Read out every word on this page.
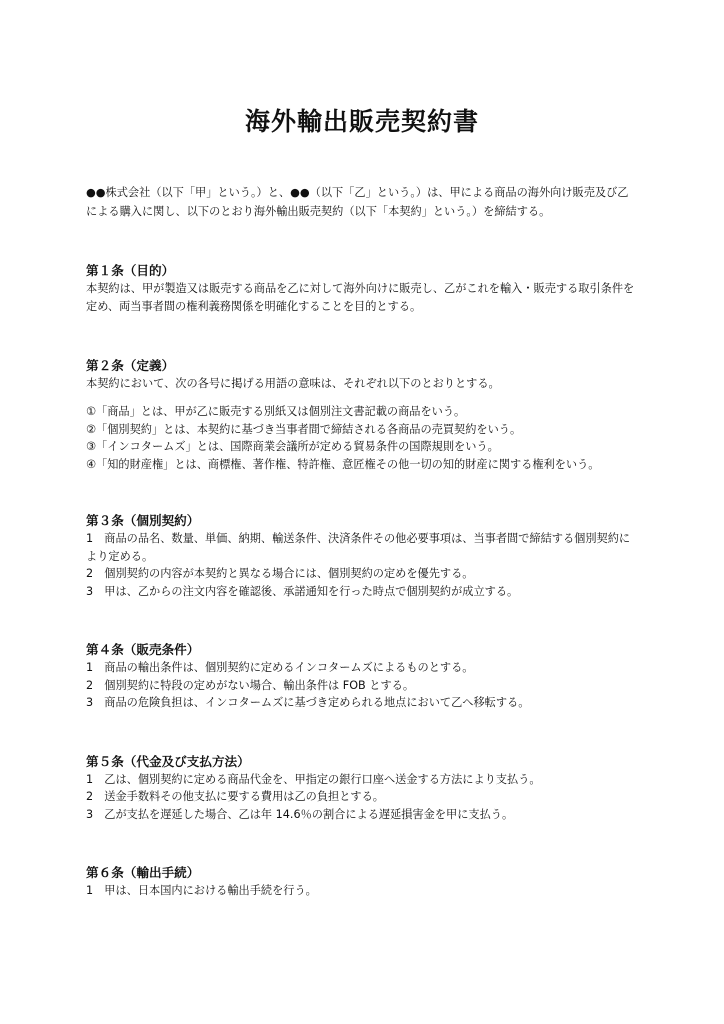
海外輸出販売契約書

●●株式会社（以下「甲」という。）と、●●（以下「乙」という。）は、甲による商品の海外向け販売及び乙による購入に関し、以下のとおり海外輸出販売契約（以下「本契約」という。）を締結する。

第１条（目的）

本契約は、甲が製造又は販売する商品を乙に対して海外向けに販売し、乙がこれを輸入・販売する取引条件を定め、両当事者間の権利義務関係を明確化することを目的とする。

第２条（定義）

本契約において、次の各号に掲げる用語の意味は、それぞれ以下のとおりとする。

①「商品」とは、甲が乙に販売する別紙又は個別注文書記載の商品をいう。

②「個別契約」とは、本契約に基づき当事者間で締結される各商品の売買契約をいう。

③「インコタームズ」とは、国際商業会議所が定める貿易条件の国際規則をいう。

④「知的財産権」とは、商標権、著作権、特許権、意匠権その他一切の知的財産に関する権利をいう。

第３条（個別契約）

1　商品の品名、数量、単価、納期、輸送条件、決済条件その他必要事項は、当事者間で締結する個別契約により定める。

2　個別契約の内容が本契約と異なる場合には、個別契約の定めを優先する。

3　甲は、乙からの注文内容を確認後、承諾通知を行った時点で個別契約が成立する。

第４条（販売条件）

1　商品の輸出条件は、個別契約に定めるインコタームズによるものとする。

2　個別契約に特段の定めがない場合、輸出条件は FOB とする。

3　商品の危険負担は、インコタームズに基づき定められる地点において乙へ移転する。

第５条（代金及び支払方法）

1　乙は、個別契約に定める商品代金を、甲指定の銀行口座へ送金する方法により支払う。

2　送金手数料その他支払に要する費用は乙の負担とする。

3　乙が支払を遅延した場合、乙は年 14.6％の割合による遅延損害金を甲に支払う。

第６条（輸出手続）

1　甲は、日本国内における輸出手続を行う。
